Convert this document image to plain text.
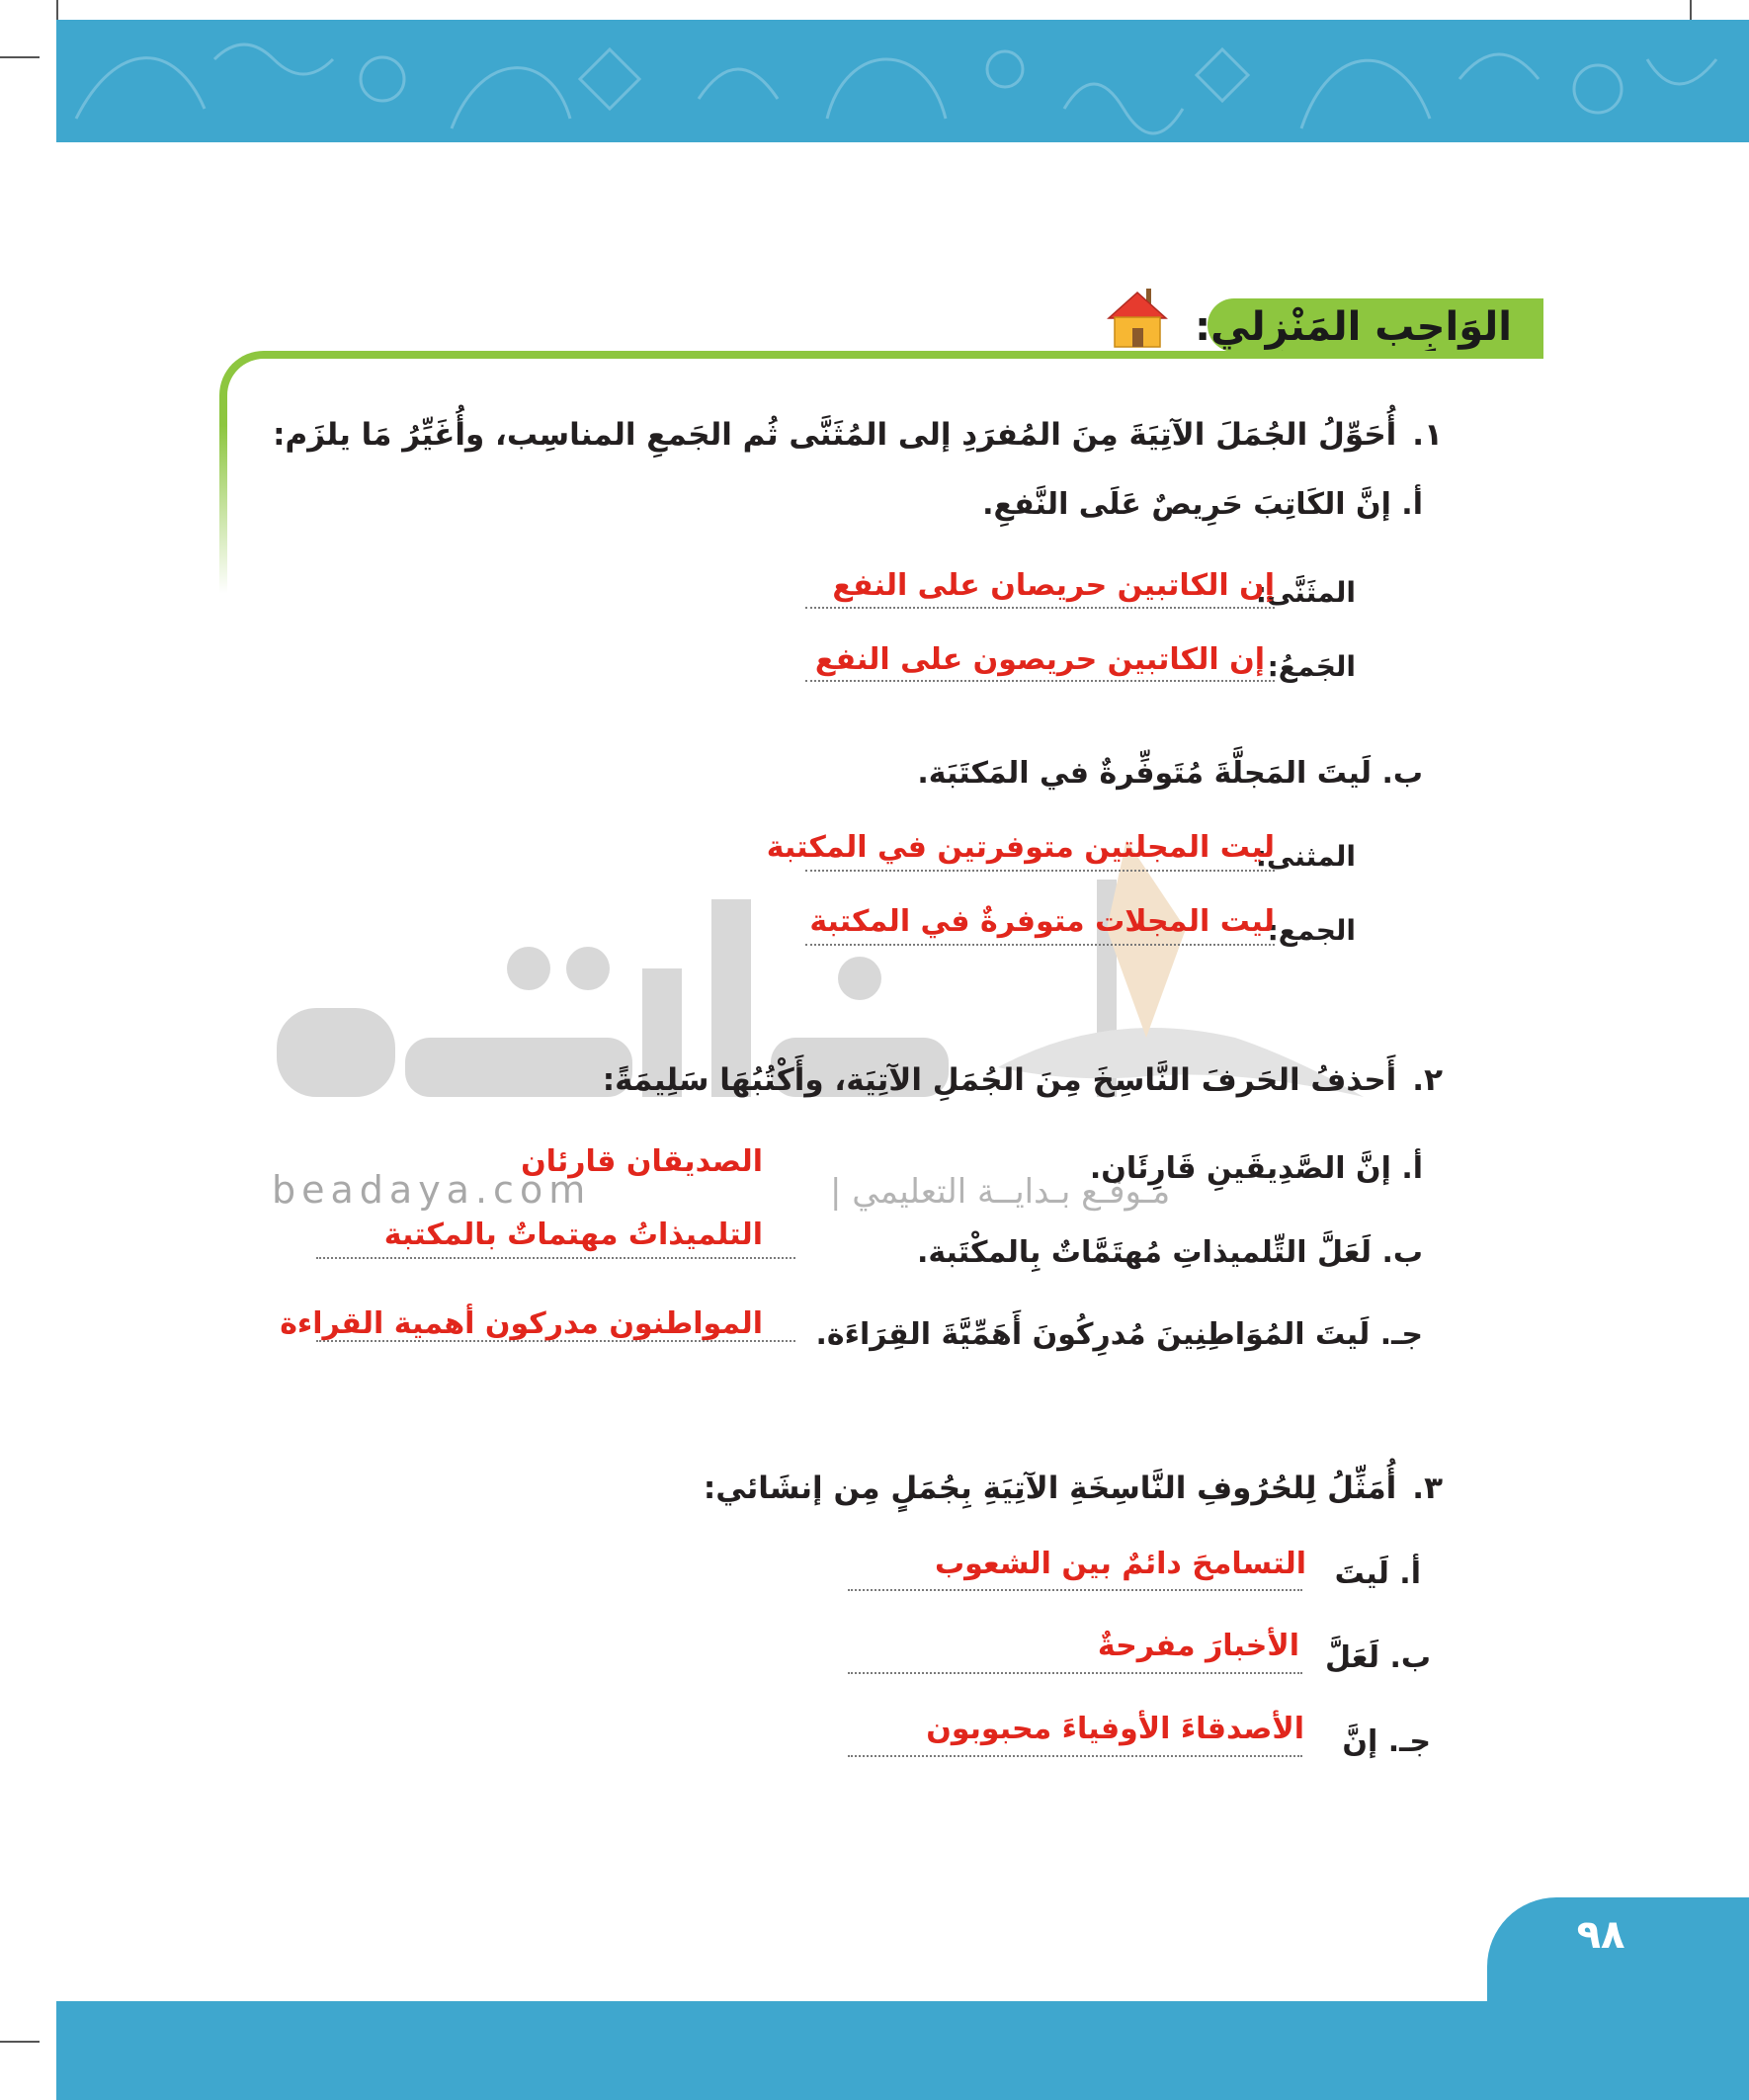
الوَاجِب المَنْزِلي:
beadaya.com	مـوقـع بـدايــة التعليمي |
١.أُحَوِّلُ الجُمَلَ الآتِيَةَ مِنَ المُفرَدِ إلى المُثَنَّى ثُم الجَمعِ المناسِب، وأُغَيِّرُ مَا يلزَم:
أ. إنَّ الكَاتِبَ حَرِيصٌ عَلَى النَّفعِ.
المثَنَّى:
إن الكاتبين حريصان على النفع
الجَمعُ:
إن الكاتبين حريصون على النفع
ب. لَيتَ المَجلَّةَ مُتَوفِّرةٌ في المَكتَبَة.
المثنى:
ليت المجلتين متوفرتين في المكتبة
الجمع:
ليت المجلات متوفرةٌ في المكتبة
٢.أَحذفُ الحَرفَ النَّاسِخَ مِنَ الجُمَلِ الآتِيَة، وأَكْتُبُهَا سَلِيمَةً:
أ. إنَّ الصَّدِيقَينِ قَارِئَان.
الصديقان قارئان
ب. لَعَلَّ التِّلميذاتِ مُهتَمَّاتٌ بِالمكْتَبة.
التلميذاتُ مهتماتٌ بالمكتبة
جـ. لَيتَ المُوَاطِنِينَ مُدرِكُونَ أَهَمِّيَّةَ القِرَاءَة.
المواطنون مدركون أهمية القراءة
٣.أُمَثِّلُ لِلحُرُوفِ النَّاسِخَةِ الآتِيَةِ بِجُمَلٍ مِن إنشَائي:
أ. لَيتَ
التسامحَ دائمٌ بين الشعوب
ب. لَعَلَّ
الأخبارَ مفرحةٌ
جـ. إنَّ
الأصدقاءَ الأوفياءَ محبوبون
٩٨
